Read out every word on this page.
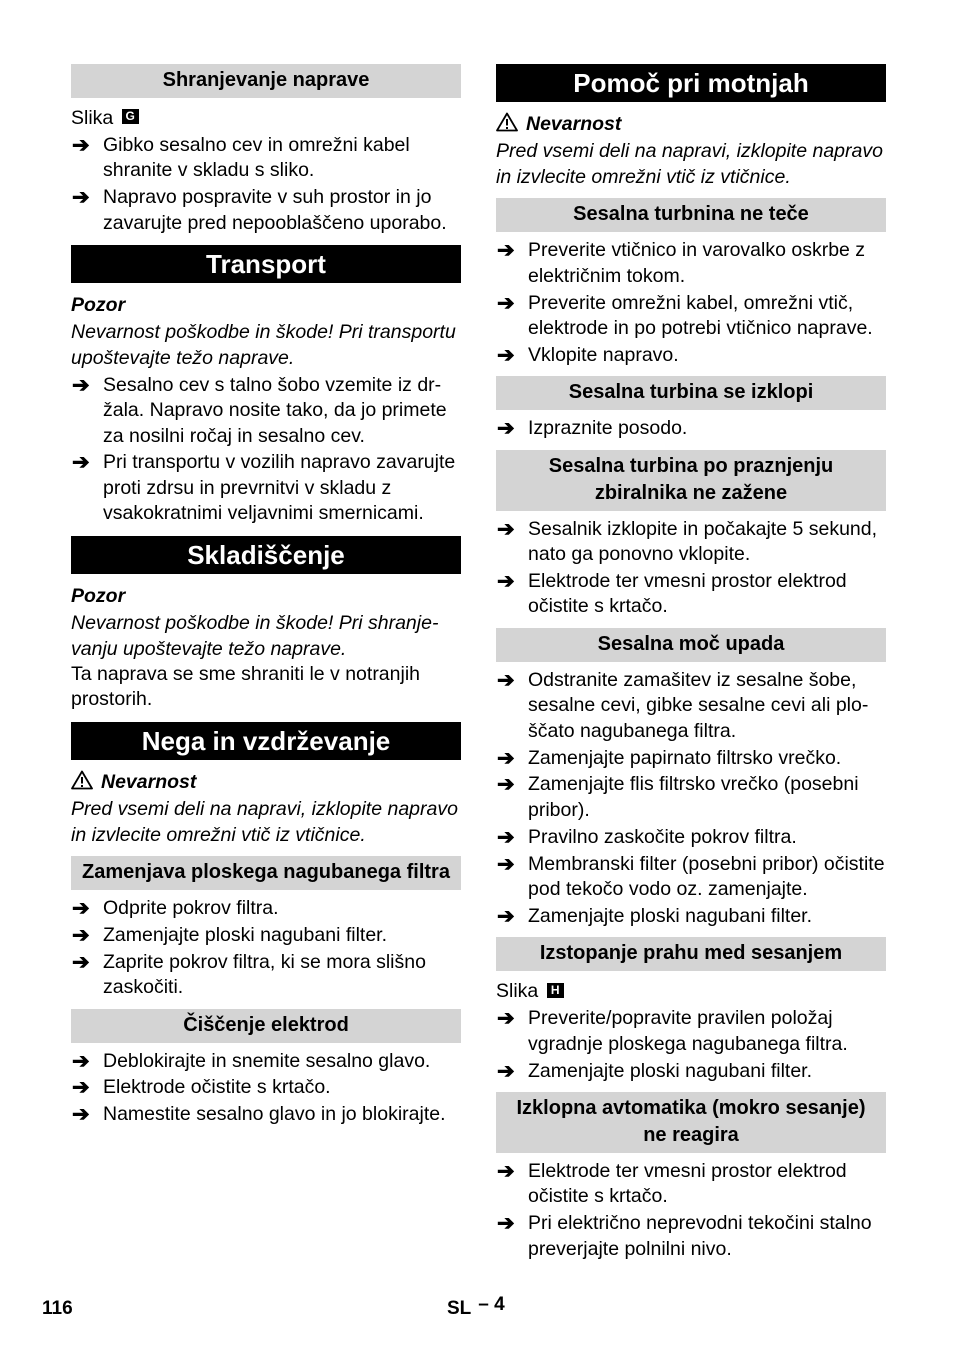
Shranjevanje naprave

Slika G

➔ Gibko sesalno cev in omrežni kabel shranite v skladu s sliko.
➔ Napravo pospravite v suh prostor in jo zavarujte pred nepooblaščeno uporabo.
Transport

Pozor

Nevarnost poškodbe in škode! Pri transportu upoštevajte težo naprave.

➔ Sesalno cev s talno šobo vzemite iz držala. Napravo nosite tako, da jo primete za nosilni ročaj in sesalno cev.
➔ Pri transportu v vozilih napravo zavarujte proti zdrsu in prevrnitvi v skladu z vsakokratnimi veljavnimi smernicami.
Skladiščenje

Pozor

Nevarnost poškodbe in škode! Pri shranjevanju upoštevajte težo naprave.

Ta naprava se sme shraniti le v notranjih prostorih.

Nega in vzdrževanje

Nevarnost

Pred vsemi deli na napravi, izklopite napravo in izvlecite omrežni vtič iz vtičnice.

Zamenjava ploskega nagubanega filtra
➔ Odprite pokrov filtra.
➔ Zamenjajte ploski nagubani filter.
➔ Zaprite pokrov filtra, ki se mora slišno zaskočiti.
Čiščenje elektrod
➔ Deblokirajte in snemite sesalno glavo.
➔ Elektrode očistite s krtačo.
➔ Namestite sesalno glavo in jo blokirajte.
Pomoč pri motnjah

Nevarnost

Pred vsemi deli na napravi, izklopite napravo in izvlecite omrežni vtič iz vtičnice.

Sesalna turbnina ne teče
➔ Preverite vtičnico in varovalko oskrbe z električnim tokom.
➔ Preverite omrežni kabel, omrežni vtič, elektrode in po potrebi vtičnico naprave.
➔ Vklopite napravo.
Sesalna turbina se izklopi
➔ Izpraznite posodo.
Sesalna turbina po praznjenju zbiralnika ne zažene
➔ Sesalnik izklopite in počakajte 5 sekund, nato ga ponovno vklopite.
➔ Elektrode ter vmesni prostor elektrod očistite s krtačo.
Sesalna moč upada
➔ Odstranite zamašitev iz sesalne šobe, sesalne cevi, gibke sesalne cevi ali ploščato nagubanega filtra.
➔ Zamenjajte papirnato filtrsko vrečko.
➔ Zamenjajte flis filtrsko vrečko (posebni pribor).
➔ Pravilno zaskočite pokrov filtra.
➔ Membranski filter (posebni pribor) očistite pod tekočo vodo oz. zamenjajte.
➔ Zamenjajte ploski nagubani filter.
Izstopanje prahu med sesanjem

Slika H

➔ Preverite/popravite pravilen položaj vgradnje ploskega nagubanega filtra.
➔ Zamenjajte ploski nagubani filter.
Izklopna avtomatika (mokro sesanje) ne reagira
➔ Elektrode ter vmesni prostor elektrod očistite s krtačo.
➔ Pri električno neprevodni tekočini stalno preverjajte polnilni nivo.
116	SL – 4
